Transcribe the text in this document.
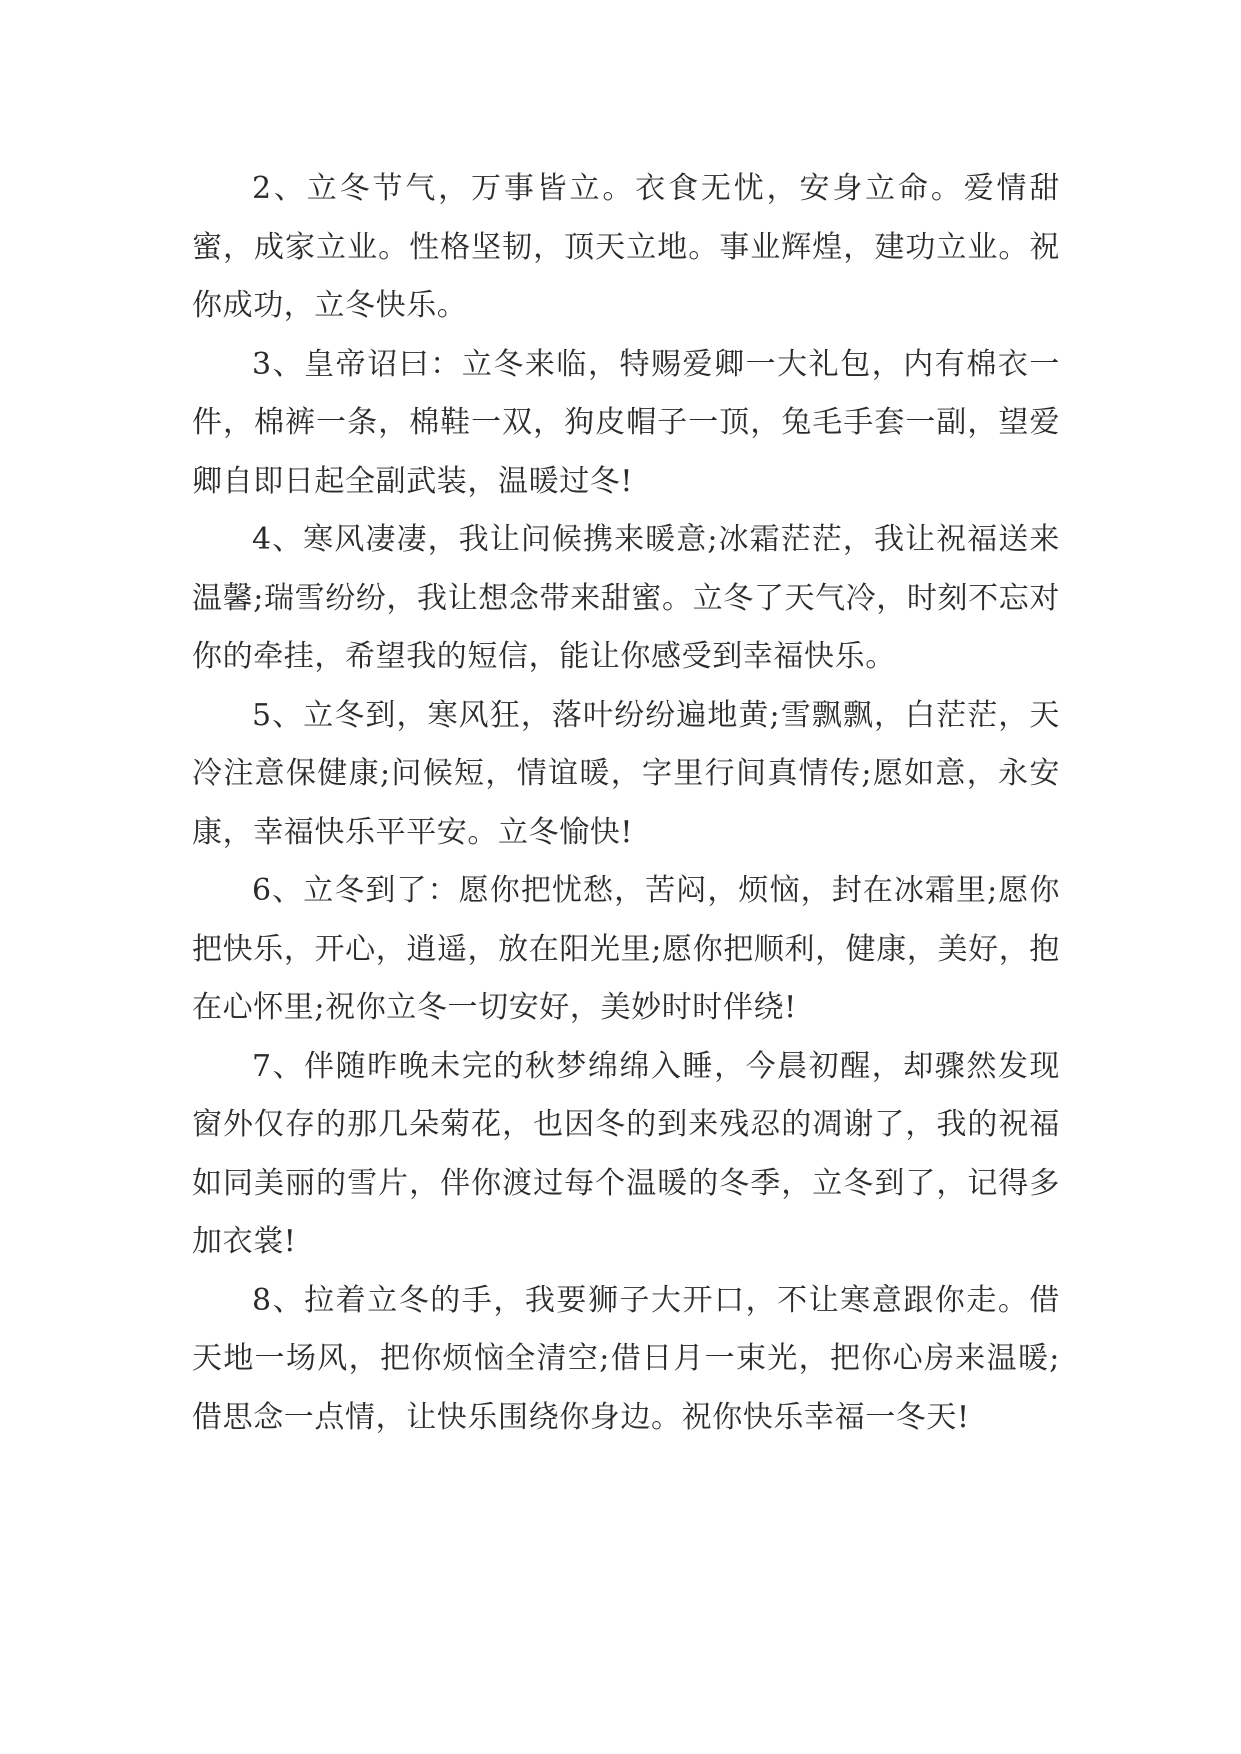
2、立冬节气，万事皆立。衣食无忧，安身立命。爱情甜蜜，成家立业。性格坚韧，顶天立地。事业辉煌，建功立业。祝你成功，立冬快乐。

3、皇帝诏曰：立冬来临，特赐爱卿一大礼包，内有棉衣一件，棉裤一条，棉鞋一双，狗皮帽子一顶，兔毛手套一副，望爱卿自即日起全副武装，温暖过冬!

4、寒风凄凄，我让问候携来暖意;冰霜茫茫，我让祝福送来温馨;瑞雪纷纷，我让想念带来甜蜜。立冬了天气冷，时刻不忘对你的牵挂，希望我的短信，能让你感受到幸福快乐。

5、立冬到，寒风狂，落叶纷纷遍地黄;雪飘飘，白茫茫，天冷注意保健康;问候短，情谊暖，字里行间真情传;愿如意，永安康，幸福快乐平平安。立冬愉快!

6、立冬到了：愿你把忧愁，苦闷，烦恼，封在冰霜里;愿你把快乐，开心，逍遥，放在阳光里;愿你把顺利，健康，美好，抱在心怀里;祝你立冬一切安好，美妙时时伴绕!

7、伴随昨晚未完的秋梦绵绵入睡，今晨初醒，却骤然发现窗外仅存的那几朵菊花，也因冬的到来残忍的凋谢了，我的祝福如同美丽的雪片，伴你渡过每个温暖的冬季，立冬到了，记得多加衣裳!

8、拉着立冬的手，我要狮子大开口，不让寒意跟你走。借天地一场风，把你烦恼全清空;借日月一束光，把你心房来温暖;借思念一点情，让快乐围绕你身边。祝你快乐幸福一冬天!
